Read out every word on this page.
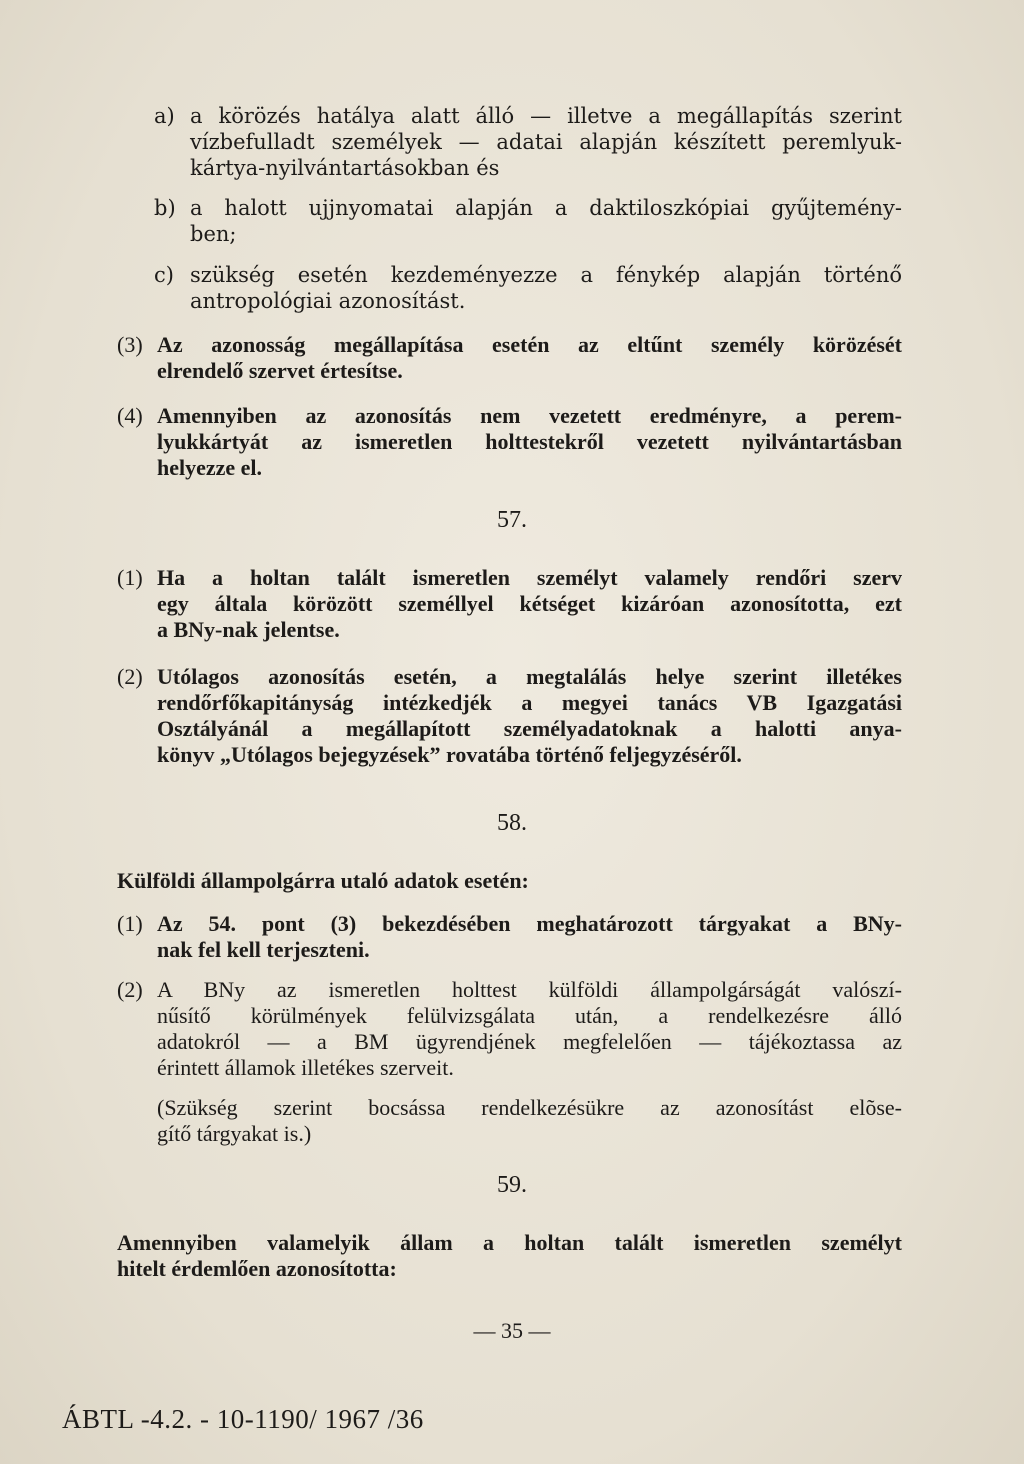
a) a körözés hatálya alatt álló — illetve a megállapítás szerint
vízbefulladt személyek — adatai alapján készített peremlyuk-
kártya-nyilvántartásokban és
b) a halott ujjnyomatai alapján a daktiloszkópiai gyűjtemény-
ben;
c) szükség esetén kezdeményezze a fénykép alapján történő
antropológiai azonosítást.
(3) Az azonosság megállapítása esetén az eltűnt személy körözését
elrendelő szervet értesítse.
(4) Amennyiben az azonosítás nem vezetett eredményre, a perem-
lyukkártyát az ismeretlen holttestekről vezetett nyilvántartásban
helyezze el.
57.
(1) Ha a holtan talált ismeretlen személyt valamely rendőri szerv
egy általa körözött személlyel kétséget kizáróan azonosította, ezt
a BNy-nak jelentse.
(2) Utólagos azonosítás esetén, a megtalálás helye szerint illetékes
rendőrfőkapitányság intézkedjék a megyei tanács VB Igazgatási
Osztályánál a megállapított személyadatoknak a halotti anya-
könyv „Utólagos bejegyzések” rovatába történő feljegyzéséről.
58.
Külföldi állampolgárra utaló adatok esetén:
(1) Az 54. pont (3) bekezdésében meghatározott tárgyakat a BNy-
nak fel kell terjeszteni.
(2) A BNy az ismeretlen holttest külföldi állampolgárságát valószí-
nűsítő körülmények felülvizsgálata után, a rendelkezésre álló
adatokról — a BM ügyrendjének megfelelően — tájékoztassa az
érintett államok illetékes szerveit.
(Szükség szerint bocsássa rendelkezésükre az azonosítást elõse-
gítő tárgyakat is.)
59.
Amennyiben valamelyik állam a holtan talált ismeretlen személyt
hitelt érdemlően azonosította:
— 35 —
ÁBTL -4.2. - 10-1190/ 1967 /36
